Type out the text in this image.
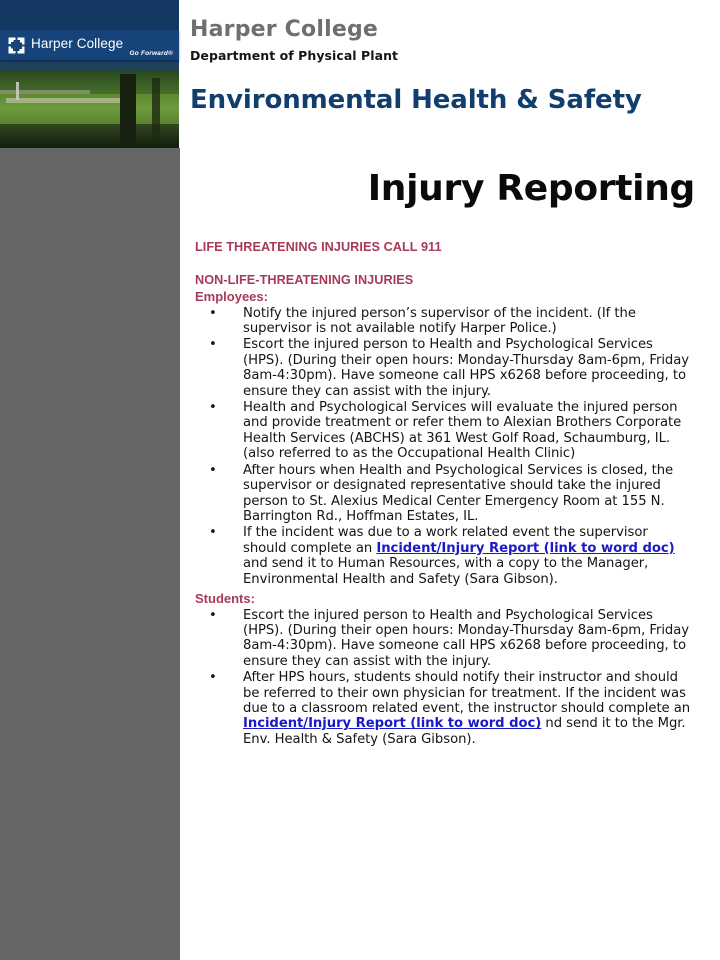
Harper College
Go Forward®
Harper College
Department of Physical Plant
Environmental Health & Safety
Injury Reporting
LIFE THREATENING INJURIES CALL 911
NON-LIFE-THREATENING INJURIES
Employees:
• Notify the injured person’s supervisor of the incident. (If the supervisor is not available notify Harper Police.)
• Escort the injured person to Health and Psychological Services (HPS). (During their open hours: Monday-Thursday 8am-6pm, Friday 8am-4:30pm). Have someone call HPS x6268 before proceeding, to ensure they can assist with the injury.
• Health and Psychological Services will evaluate the injured person and provide treatment or refer them to Alexian Brothers Corporate Health Services (ABCHS) at 361 West Golf Road, Schaumburg, IL. (also referred to as the Occupational Health Clinic)
• After hours when Health and Psychological Services is closed, the supervisor or designated representative should take the injured person to St. Alexius Medical Center Emergency Room at 155 N. Barrington Rd., Hoffman Estates, IL.
• If the incident was due to a work related event the supervisor should complete an Incident/Injury Report (link to word doc) and send it to Human Resources, with a copy to the Manager, Environmental Health and Safety (Sara Gibson).
Students:
• Escort the injured person to Health and Psychological Services (HPS). (During their open hours: Monday-Thursday 8am-6pm, Friday 8am-4:30pm). Have someone call HPS x6268 before proceeding, to ensure they can assist with the injury.
• After HPS hours, students should notify their instructor and should be referred to their own physician for treatment. If the incident was due to a classroom related event, the instructor should complete an Incident/Injury Report (link to word doc) nd send it to the Mgr. Env. Health & Safety (Sara Gibson).
